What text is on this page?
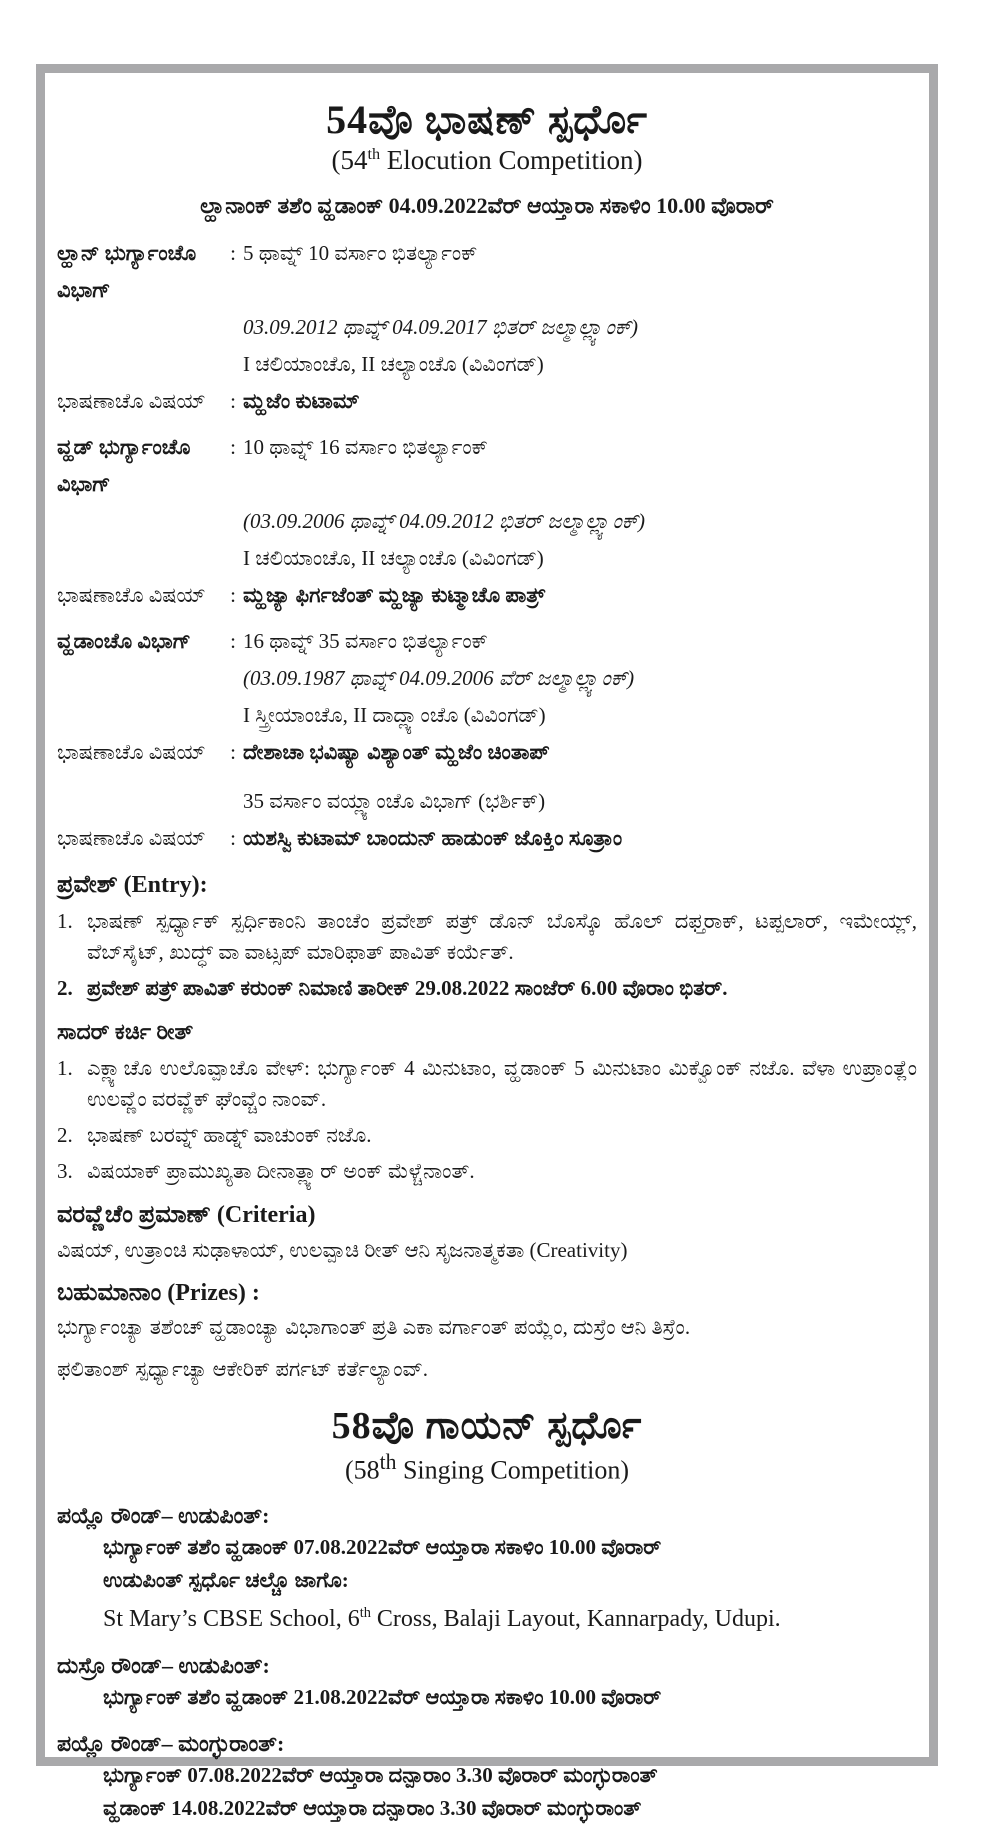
54ವೊ ಭಾಷಣ್ ಸ್ಪರ್ಧೊ
(54th Elocution Competition)
ಲ್ಹಾನಾಂಕ್ ತಶೆಂ ವ್ಹಡಾಂಕ್ 04.09.2022ವೆರ್ ಆಯ್ತಾರಾ ಸಕಾಳಿಂ 10.00 ವೊರಾರ್
ಲ್ಹಾನ್ ಭುರ್ಗ್ಯಾಂಚೊ ವಿಭಾಗ್
: 5 ಥಾವ್ನ್ 10 ವರ್ಸಾಂ ಭಿತರ್ಲ್ಯಾಂಕ್
03.09.2012 ಥಾವ್ನ್ 04.09.2017 ಭಿತರ್ ಜಲ್ಮಾಲ್ಲ್ಯಾಂಕ್)
I ಚಲಿಯಾಂಚೊ, II ಚಲ್ಯಾಂಚೊ (ವಿವಿಂಗಡ್)
ಭಾಷಣಾಚೊ ವಿಷಯ್	: ಮ್ಹಜೆಂ ಕುಟಾಮ್
ವ್ಹಡ್ ಭುರ್ಗ್ಯಾಂಚೊ ವಿಭಾಗ್
: 10 ಥಾವ್ನ್ 16 ವರ್ಸಾಂ ಭಿತರ್ಲ್ಯಾಂಕ್
(03.09.2006 ಥಾವ್ನ್ 04.09.2012 ಭಿತರ್ ಜಲ್ಮಾಲ್ಲ್ಯಾಂಕ್)
I ಚಲಿಯಾಂಚೊ, II ಚಲ್ಯಾಂಚೊ (ವಿವಿಂಗಡ್)
ಭಾಷಣಾಚೊ ವಿಷಯ್	: ಮ್ಹಜ್ಯಾ ಫಿರ್ಗಜೆಂತ್ ಮ್ಹಜ್ಯಾ ಕುಟ್ಮಾಚೊ ಪಾತ್ರ್
ವ್ಹಡಾಂಚೊ ವಿಭಾಗ್	: 16 ಥಾವ್ನ್ 35 ವರ್ಸಾಂ ಭಿತರ್ಲ್ಯಾಂಕ್
(03.09.1987 ಥಾವ್ನ್ 04.09.2006 ವೆರ್ ಜಲ್ಮಾಲ್ಲ್ಯಾಂಕ್)
I ಸ್ತ್ರೀಯಾಂಚೊ, II ದಾದ್ಲ್ಯಾಂಚೊ (ವಿವಿಂಗಡ್)
ಭಾಷಣಾಚೊ ವಿಷಯ್	: ದೇಶಾಚಾ ಭವಿಷ್ಯಾ ವಿಶ್ಯಾಂತ್ ಮ್ಹಜೆಂ ಚಿಂತಾಪ್
35 ವರ್ಸಾಂ ವಯ್ಲ್ಯಾಂಚೊ ವಿಭಾಗ್ (ಭರ್ಶಿಕ್)
ಭಾಷಣಾಚೊ ವಿಷಯ್	: ಯಶಸ್ವಿ ಕುಟಾಮ್ ಬಾಂದುನ್ ಹಾಡುಂಕ್ ಜೊಕ್ತಿಂ ಸೂತ್ರಾಂ
ಪ್ರವೇಶ್ (Entry):
1. ಭಾಷಣ್ ಸ್ಪರ್ಧ್ಯಾಕ್ ಸ್ಪರ್ಧಿಕಾಂನಿ ತಾಂಚೆಂ ಪ್ರವೇಶ್ ಪತ್ರ್ ಡೊನ್ ಬೊಸ್ಕೊ ಹೊಲ್ ದಫ್ತರಾಕ್, ಟಪ್ಪಲಾರ್, ಇಮೇಯ್ಲ್, ವೆಬ್‌ಸೈಟ್, ಖುದ್ಧ್ ವಾ ವಾಟ್ಸಪ್ ಮಾರಿಫಾತ್ ಪಾವಿತ್ ಕರ್ಯೆತ್.
2. ಪ್ರವೇಶ್ ಪತ್ರ್ ಪಾವಿತ್ ಕರುಂಕ್ ನಿಮಾಣಿ ತಾರೀಕ್ 29.08.2022 ಸಾಂಜೆರ್ 6.00 ವೊರಾಂ ಭಿತರ್.
ಸಾದರ್ ಕರ್ಚಿ ರೀತ್
1. ಎಕ್ಲ್ಯಾಚೊ ಉಲೊವ್ಪಾಚೊ ವೇಳ್: ಭುರ್ಗ್ಯಾಂಕ್ 4 ಮಿನುಟಾಂ, ವ್ಹಡಾಂಕ್ 5 ಮಿನುಟಾಂ ಮಿಕ್ವೊಂಕ್ ನಜೊ. ವೆಳಾ ಉಪ್ರಾಂತ್ಲೆಂ ಉಲವ್ಣೆಂ ವರವ್ಣೆಕ್ ಘೆಂವ್ಚೆಂ ನಾಂವ್.
2. ಭಾಷಣ್ ಬರವ್ನ್ ಹಾಡ್ನ್ ವಾಚುಂಕ್ ನಜೊ.
3. ವಿಷಯಾಕ್ ಪ್ರಾಮುಖ್ಯತಾ ದೀನಾತ್ಲ್ಯಾರ್ ಅಂಕ್ ಮೆಳ್ಚೆನಾಂತ್.
ವರವ್ಣೆಚೆಂ ಪ್ರಮಾಣ್ (Criteria)
ವಿಷಯ್, ಉತ್ರಾಂಚಿ ಸುಢಾಳಾಯ್, ಉಲವ್ಪಾಚಿ ರೀತ್ ಆನಿ ಸೃಜನಾತ್ಮಕತಾ (Creativity)
ಬಹುಮಾನಾಂ (Prizes) :
ಭುರ್ಗ್ಯಾಂಚ್ಯಾ ತಶೆಂಚ್ ವ್ಹಡಾಂಚ್ಯಾ ವಿಭಾಗಾಂತ್ ಪ್ರತಿ ಎಕಾ ವರ್ಗಾಂತ್ ಪಯ್ಲೆಂ, ದುಸ್ರೆಂ ಆನಿ ತಿಸ್ರೆಂ.
ಫಲಿತಾಂಶ್ ಸ್ಪರ್ಧ್ಯಾಚ್ಯಾ ಆಕೇರಿಕ್ ಪರ್ಗಟ್ ಕರ್ತೆಲ್ಯಾಂವ್.
58ವೊ ಗಾಯನ್ ಸ್ಪರ್ಧೊ
(58th Singing Competition)
ಪಯ್ಲೊ ರೌಂಡ್– ಉಡುಪಿಂತ್:
ಭುರ್ಗ್ಯಾಂಕ್ ತಶೆಂ ವ್ಹಡಾಂಕ್ 07.08.2022ವೆರ್ ಆಯ್ತಾರಾ ಸಕಾಳಿಂ 10.00 ವೊರಾರ್
ಉಡುಪಿಂತ್ ಸ್ಪರ್ಧೊ ಚಲ್ಚೊ ಜಾಗೊ:
St Mary’s CBSE School, 6th Cross, Balaji Layout, Kannarpady, Udupi.
ದುಸ್ರೊ ರೌಂಡ್– ಉಡುಪಿಂತ್:
ಭುರ್ಗ್ಯಾಂಕ್ ತಶೆಂ ವ್ಹಡಾಂಕ್ 21.08.2022ವೆರ್ ಆಯ್ತಾರಾ ಸಕಾಳಿಂ 10.00 ವೊರಾರ್
ಪಯ್ಲೊ ರೌಂಡ್– ಮಂಗ್ಳುರಾಂತ್:
ಭುರ್ಗ್ಯಾಂಕ್ 07.08.2022ವೆರ್ ಆಯ್ತಾರಾ ದನ್ಪಾರಾಂ 3.30 ವೊರಾರ್ ಮಂಗ್ಳುರಾಂತ್
ವ್ಹಡಾಂಕ್ 14.08.2022ವೆರ್ ಆಯ್ತಾರಾ ದನ್ಪಾರಾಂ 3.30 ವೊರಾರ್ ಮಂಗ್ಳುರಾಂತ್
